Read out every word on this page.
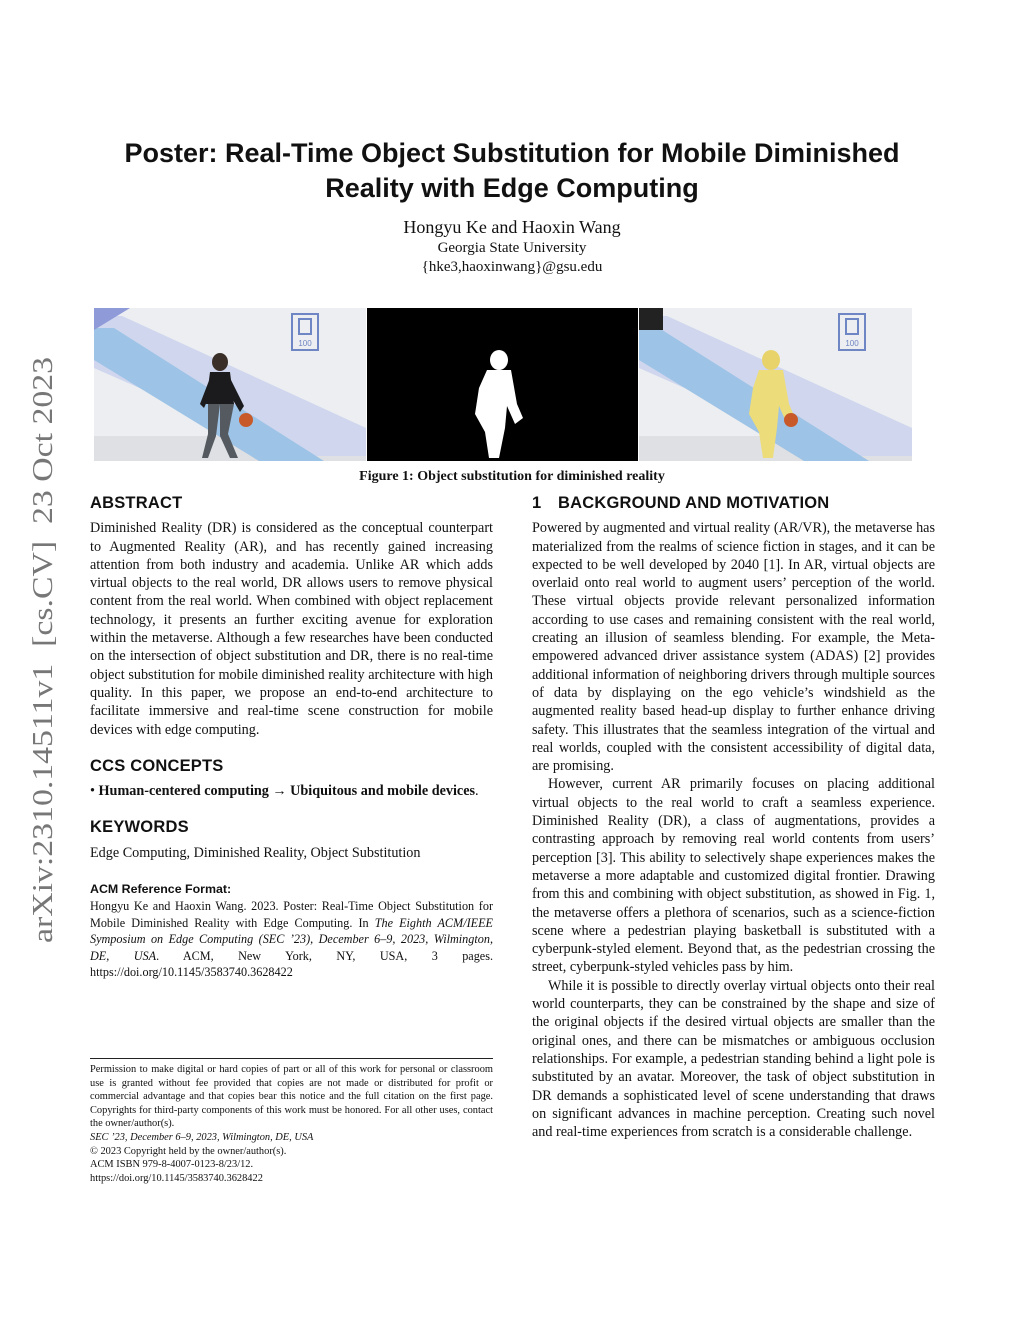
arXiv:2310.14511v1  [cs.CV]  23 Oct 2023
Poster: Real-Time Object Substitution for Mobile Diminished Reality with Edge Computing
Hongyu Ke and Haoxin Wang
Georgia State University
{hke3,haoxinwang}@gsu.edu
100	100
Figure 1: Object substitution for diminished reality
ABSTRACT

Diminished Reality (DR) is considered as the conceptual counterpart to Augmented Reality (AR), and has recently gained increasing attention from both industry and academia. Unlike AR which adds virtual objects to the real world, DR allows users to remove physical content from the real world. When combined with object replacement technology, it presents an further exciting avenue for exploration within the metaverse. Although a few researches have been conducted on the intersection of object substitution and DR, there is no real-time object substitution for mobile diminished reality architecture with high quality. In this paper, we propose an end-to-end architecture to facilitate immersive and real-time scene construction for mobile devices with edge computing.

CCS CONCEPTS

• Human-centered computing → Ubiquitous and mobile devices.

KEYWORDS

Edge Computing, Diminished Reality, Object Substitution

ACM Reference Format:

Hongyu Ke and Haoxin Wang. 2023. Poster: Real-Time Object Substitution for Mobile Diminished Reality with Edge Computing. In The Eighth ACM/IEEE Symposium on Edge Computing (SEC ’23), December 6–9, 2023, Wilmington, DE, USA. ACM, New York, NY, USA, 3 pages. https://doi.org/10.1145/3583740.3628422

Permission to make digital or hard copies of part or all of this work for personal or classroom use is granted without fee provided that copies are not made or distributed for profit or commercial advantage and that copies bear this notice and the full citation on the first page. Copyrights for third-party components of this work must be honored. For all other uses, contact the owner/author(s).

SEC ’23, December 6–9, 2023, Wilmington, DE, USA

© 2023 Copyright held by the owner/author(s).

ACM ISBN 979-8-4007-0123-8/23/12.

https://doi.org/10.1145/3583740.3628422

1 BACKGROUND AND MOTIVATION

Powered by augmented and virtual reality (AR/VR), the metaverse has materialized from the realms of science fiction in stages, and it can be expected to be well developed by 2040 [1]. In AR, virtual objects are overlaid onto real world to augment users’ perception of the world. These virtual objects provide relevant personalized information according to use cases and remaining consistent with the real world, creating an illusion of seamless blending. For example, the Meta-empowered advanced driver assistance system (ADAS) [2] provides additional information of neighboring drivers through multiple sources of data by displaying on the ego vehicle’s windshield as the augmented reality based head-up display to further enhance driving safety. This illustrates that the seamless integration of the virtual and real worlds, coupled with the consistent accessibility of digital data, are promising.

However, current AR primarily focuses on placing additional virtual objects to the real world to craft a seamless experience. Diminished Reality (DR), a class of augmentations, provides a contrasting approach by removing real world contents from users’ perception [3]. This ability to selectively shape experiences makes the metaverse a more adaptable and customized digital frontier. Drawing from this and combining with object substitution, as showed in Fig. 1, the metaverse offers a plethora of scenarios, such as a science-fiction scene where a pedestrian playing basketball is substituted with a cyberpunk-styled element. Beyond that, as the pedestrian crossing the street, cyberpunk-styled vehicles pass by him.

While it is possible to directly overlay virtual objects onto their real world counterparts, they can be constrained by the shape and size of the original objects if the desired virtual objects are smaller than the original ones, and there can be mismatches or ambiguous occlusion relationships. For example, a pedestrian standing behind a light pole is substituted by an avatar. Moreover, the task of object substitution in DR demands a sophisticated level of scene understanding that draws on significant advances in machine perception. Creating such novel and real-time experiences from scratch is a considerable challenge.
